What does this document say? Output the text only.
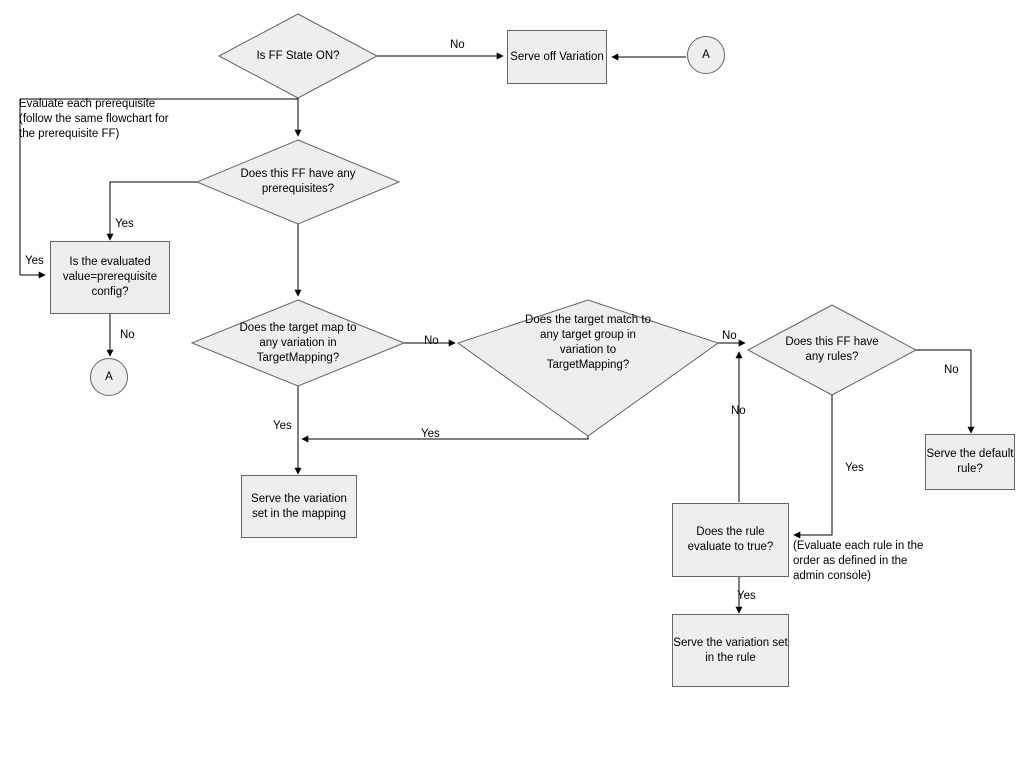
Is FF State ON?
Does this FF have any prerequisites?
Does the target map to any variation in TargetMapping?
Does the target match to any target group in variation to TargetMapping?
Does this FF have any rules?
Serve off Variation	A
Is the evaluated value=prerequisite config?
A
Serve the default rule?
Serve the variation set in the mapping
Does the rule evaluate to true?
Serve the variation set in the rule
No
Yes
Yes
No	No
Yes
Yes
No
No
Yes
No
Yes
Evaluate each prerequisite (follow the same flowchart for the prerequisite FF)
(Evaluate each rule in the order as defined in the admin console)
